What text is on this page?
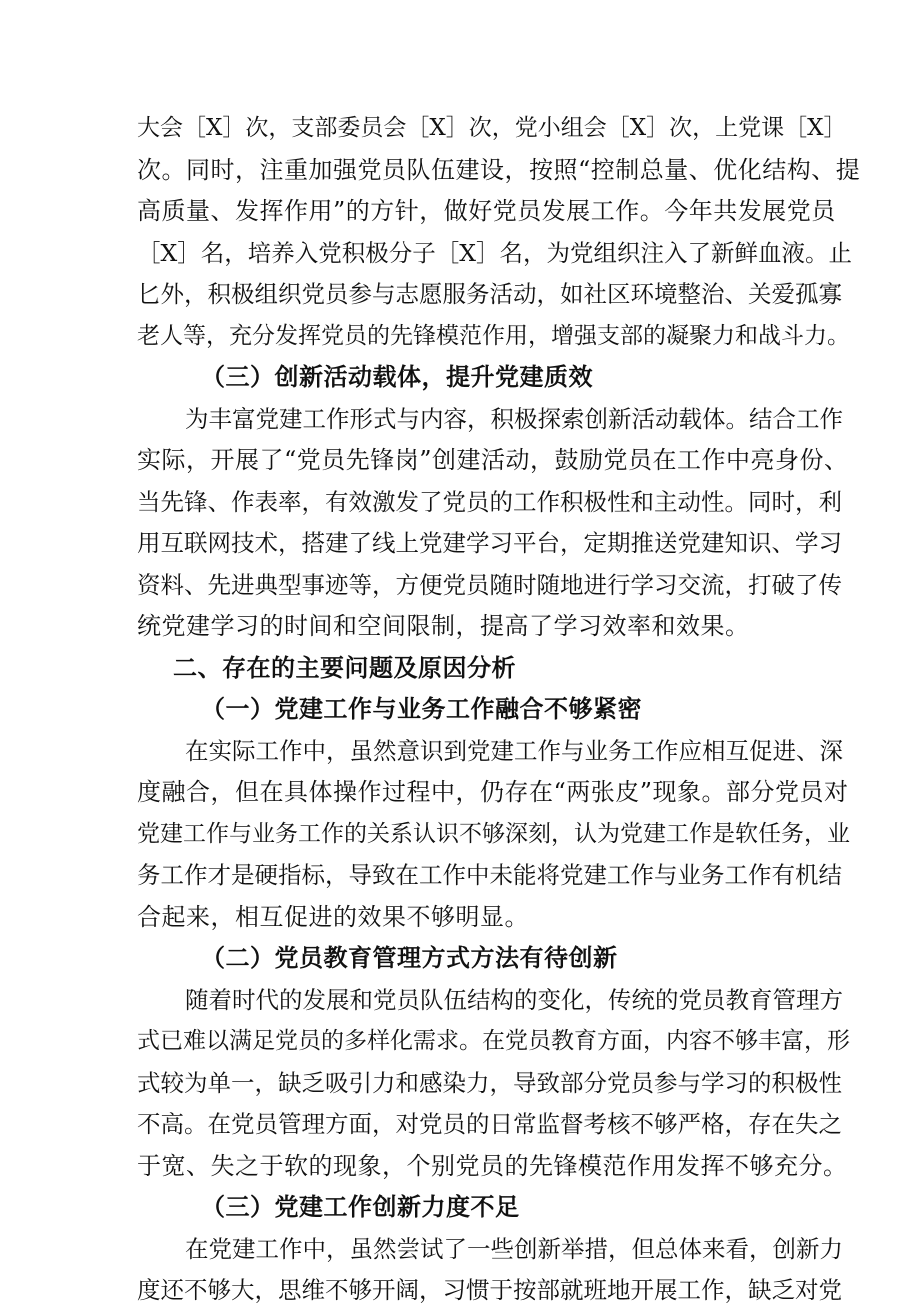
大会［X］次，支部委员会［X］次，党小组会［X］次，上党课［X］
次。同时，注重加强党员队伍建设，按照“控制总量、优化结构、提
高质量、发挥作用”的方针，做好党员发展工作。今年共发展党员
［X］名，培养入党积极分子［X］名，为党组织注入了新鲜血液。止
匕外，积极组织党员参与志愿服务活动，如社区环境整治、关爱孤寡
老人等，充分发挥党员的先锋模范作用，增强支部的凝聚力和战斗力。
（三）创新活动载体，提升党建质效
为丰富党建工作形式与内容，积极探索创新活动载体。结合工作
实际，开展了“党员先锋岗”创建活动，鼓励党员在工作中亮身份、
当先锋、作表率，有效激发了党员的工作积极性和主动性。同时，利
用互联网技术，搭建了线上党建学习平台，定期推送党建知识、学习
资料、先进典型事迹等，方便党员随时随地进行学习交流，打破了传
统党建学习的时间和空间限制，提高了学习效率和效果。
二、存在的主要问题及原因分析
（一）党建工作与业务工作融合不够紧密
在实际工作中，虽然意识到党建工作与业务工作应相互促进、深
度融合，但在具体操作过程中，仍存在“两张皮”现象。部分党员对
党建工作与业务工作的关系认识不够深刻，认为党建工作是软任务，业
务工作才是硬指标，导致在工作中未能将党建工作与业务工作有机结
合起来，相互促进的效果不够明显。
（二）党员教育管理方式方法有待创新
随着时代的发展和党员队伍结构的变化，传统的党员教育管理方
式已难以满足党员的多样化需求。在党员教育方面，内容不够丰富，形
式较为单一，缺乏吸引力和感染力，导致部分党员参与学习的积极性
不高。在党员管理方面，对党员的日常监督考核不够严格，存在失之
于宽、失之于软的现象，个别党员的先锋模范作用发挥不够充分。
（三）党建工作创新力度不足
在党建工作中，虽然尝试了一些创新举措，但总体来看，创新力
度还不够大，思维不够开阔，习惯于按部就班地开展工作，缺乏对党
